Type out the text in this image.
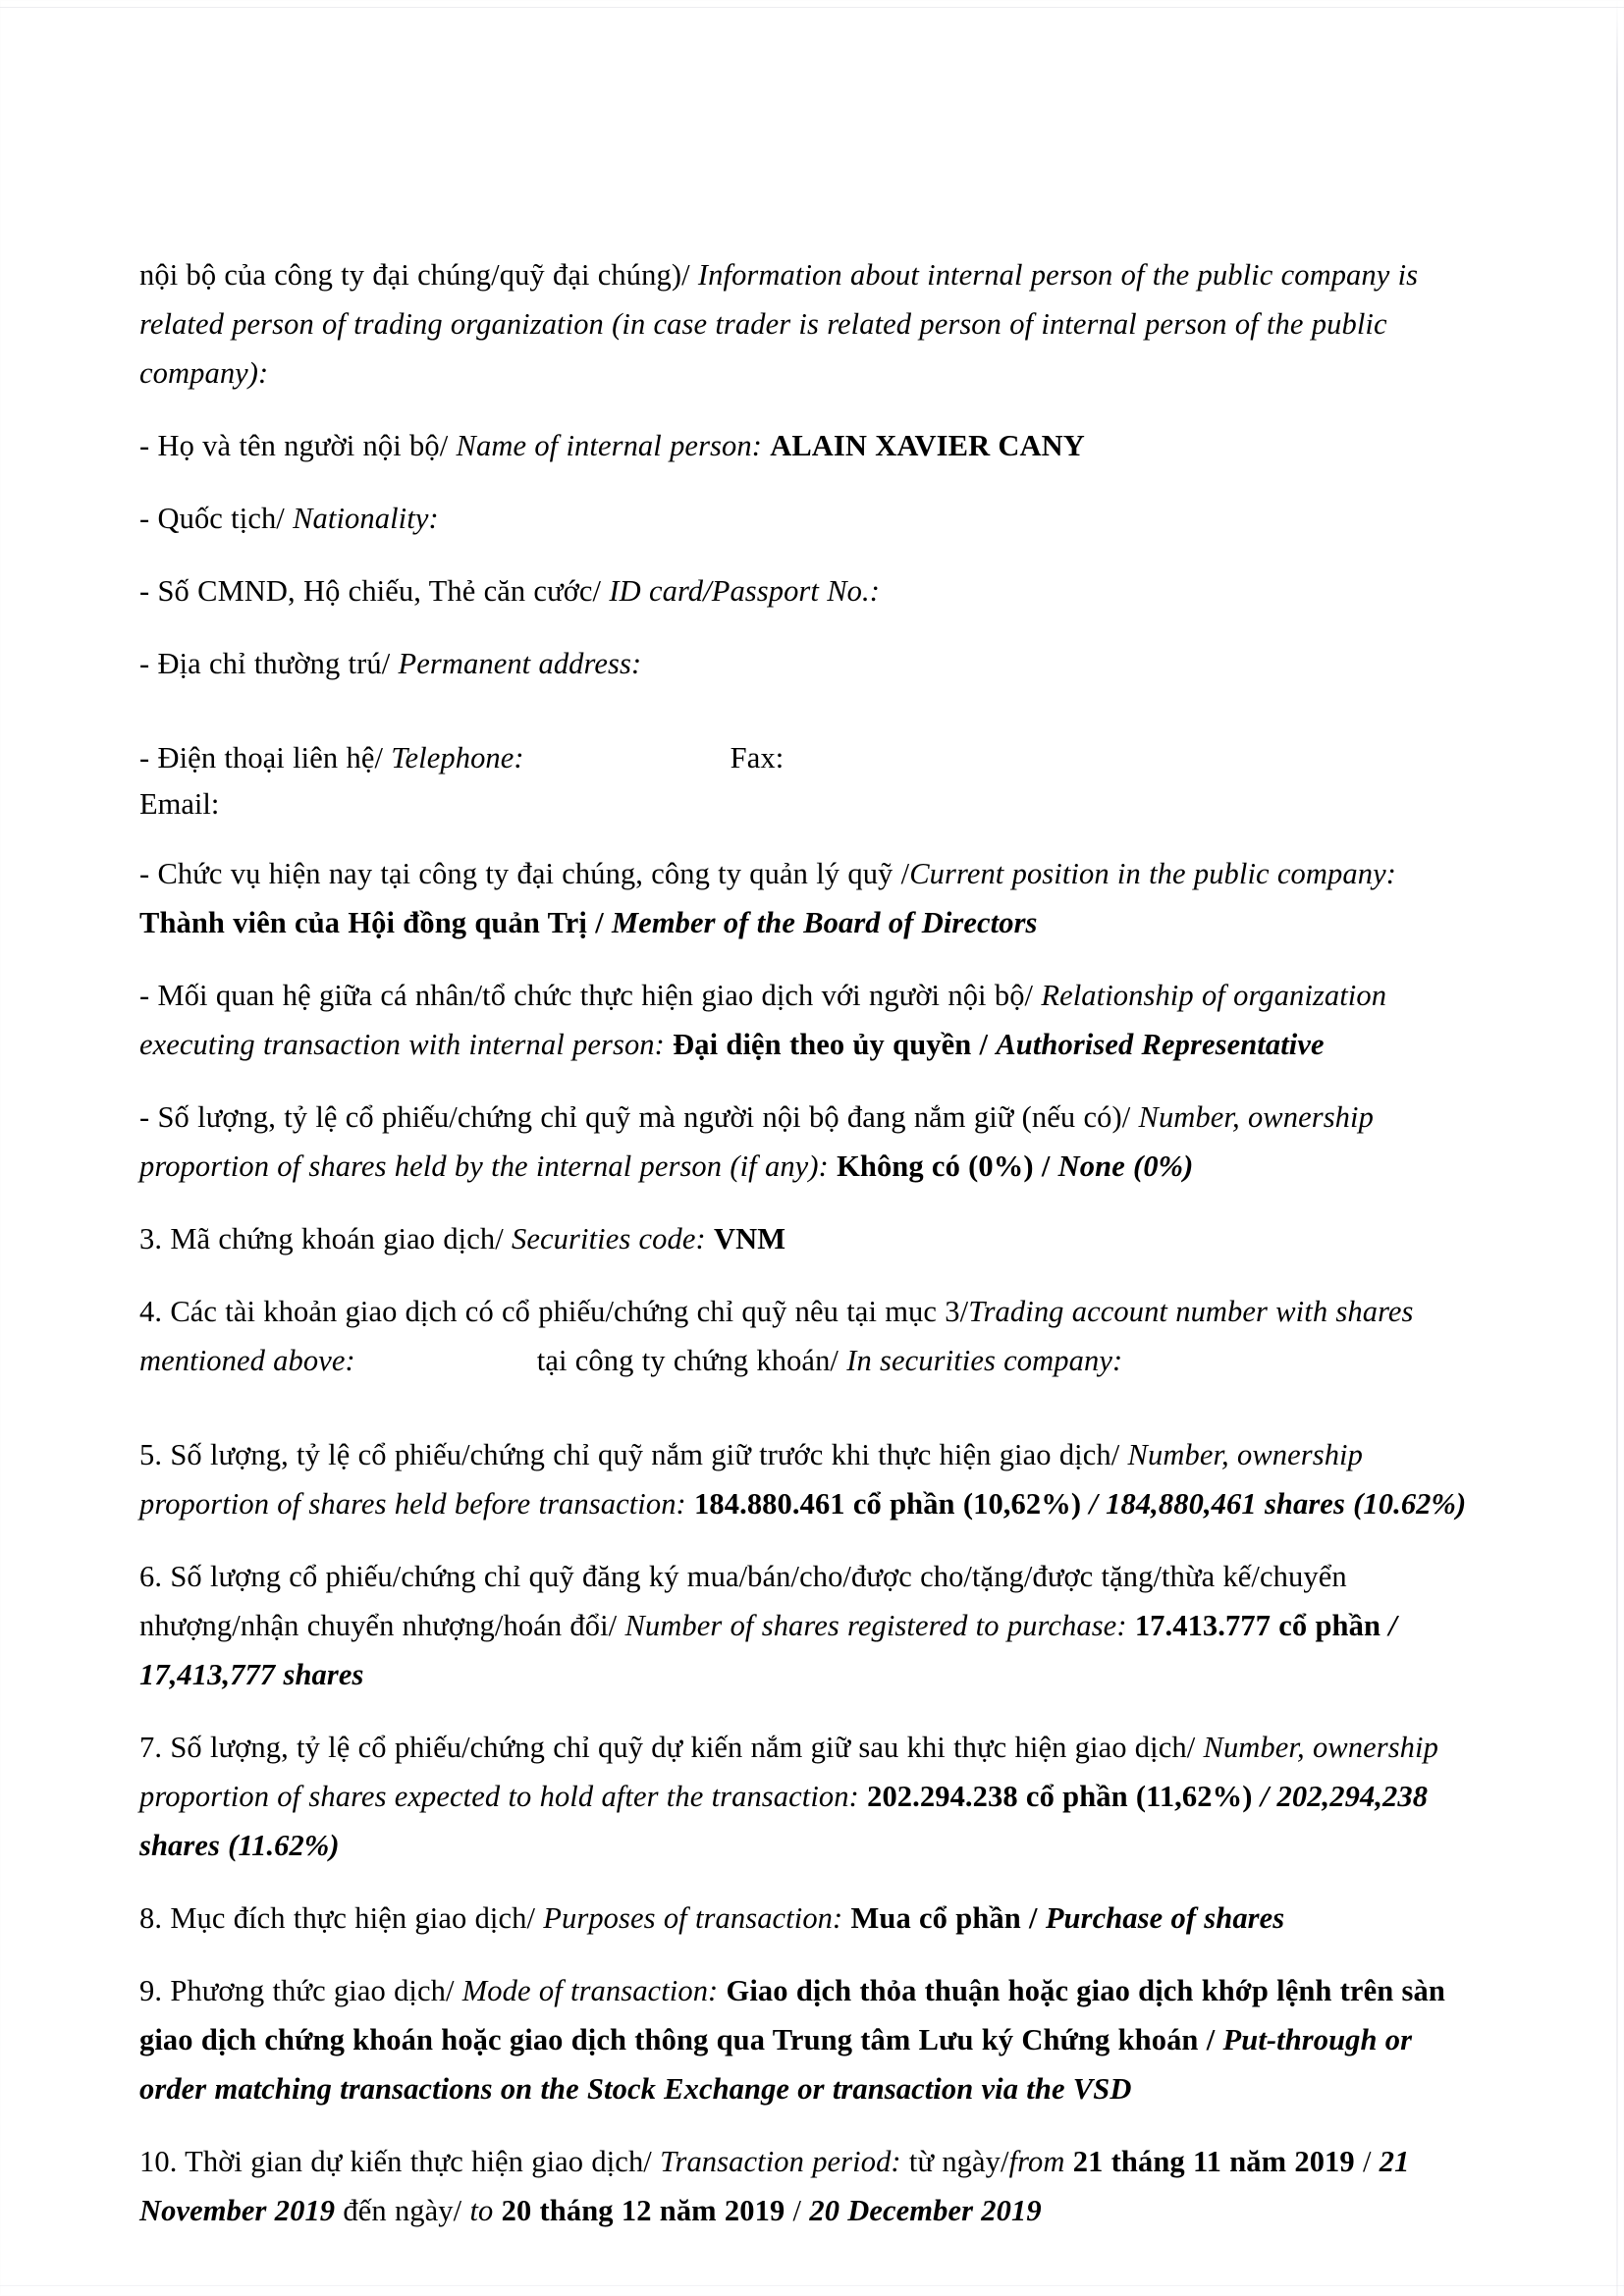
nội bộ của công ty đại chúng/quỹ đại chúng)/ Information about internal person of the public company is related person of trading organization (in case trader is related person of internal person of the public company):

- Họ và tên người nội bộ/ Name of internal person: ALAIN XAVIER CANY

- Quốc tịch/ Nationality:

- Số CMND, Hộ chiếu, Thẻ căn cước/ ID card/Passport No.:

- Địa chỉ thường trú/ Permanent address:

- Điện thoại liên hệ/ Telephone:	Fax:

Email:

- Chức vụ hiện nay tại công ty đại chúng, công ty quản lý quỹ /Current position in the public company: Thành viên của Hội đồng quản Trị / Member of the Board of Directors

- Mối quan hệ giữa cá nhân/tổ chức thực hiện giao dịch với người nội bộ/ Relationship of organization executing transaction with internal person: Đại diện theo ủy quyền / Authorised Representative

- Số lượng, tỷ lệ cổ phiếu/chứng chỉ quỹ mà người nội bộ đang nắm giữ (nếu có)/ Number, ownership proportion of shares held by the internal person (if any): Không có (0%) / None (0%)

3. Mã chứng khoán giao dịch/ Securities code: VNM

4. Các tài khoản giao dịch có cổ phiếu/chứng chỉ quỹ nêu tại mục 3/Trading account number with shares mentioned above:	tại công ty chứng khoán/ In securities company:

5. Số lượng, tỷ lệ cổ phiếu/chứng chỉ quỹ nắm giữ trước khi thực hiện giao dịch/ Number, ownership proportion of shares held before transaction: 184.880.461 cổ phần (10,62%) / 184,880,461 shares (10.62%)

6. Số lượng cổ phiếu/chứng chỉ quỹ đăng ký mua/bán/cho/được cho/tặng/được tặng/thừa kế/chuyển nhượng/nhận chuyển nhượng/hoán đổi/ Number of shares registered to purchase: 17.413.777 cổ phần / 17,413,777 shares

7. Số lượng, tỷ lệ cổ phiếu/chứng chỉ quỹ dự kiến nắm giữ sau khi thực hiện giao dịch/ Number, ownership proportion of shares expected to hold after the transaction: 202.294.238 cổ phần (11,62%) / 202,294,238 shares (11.62%)

8. Mục đích thực hiện giao dịch/ Purposes of transaction: Mua cổ phần / Purchase of shares

9. Phương thức giao dịch/ Mode of transaction: Giao dịch thỏa thuận hoặc giao dịch khớp lệnh trên sàn giao dịch chứng khoán hoặc giao dịch thông qua Trung tâm Lưu ký Chứng khoán / Put-through or order matching transactions on the Stock Exchange or transaction via the VSD

10. Thời gian dự kiến thực hiện giao dịch/ Transaction period: từ ngày/from 21 tháng 11 năm 2019 / 21 November 2019 đến ngày/ to 20 tháng 12 năm 2019 / 20 December 2019
